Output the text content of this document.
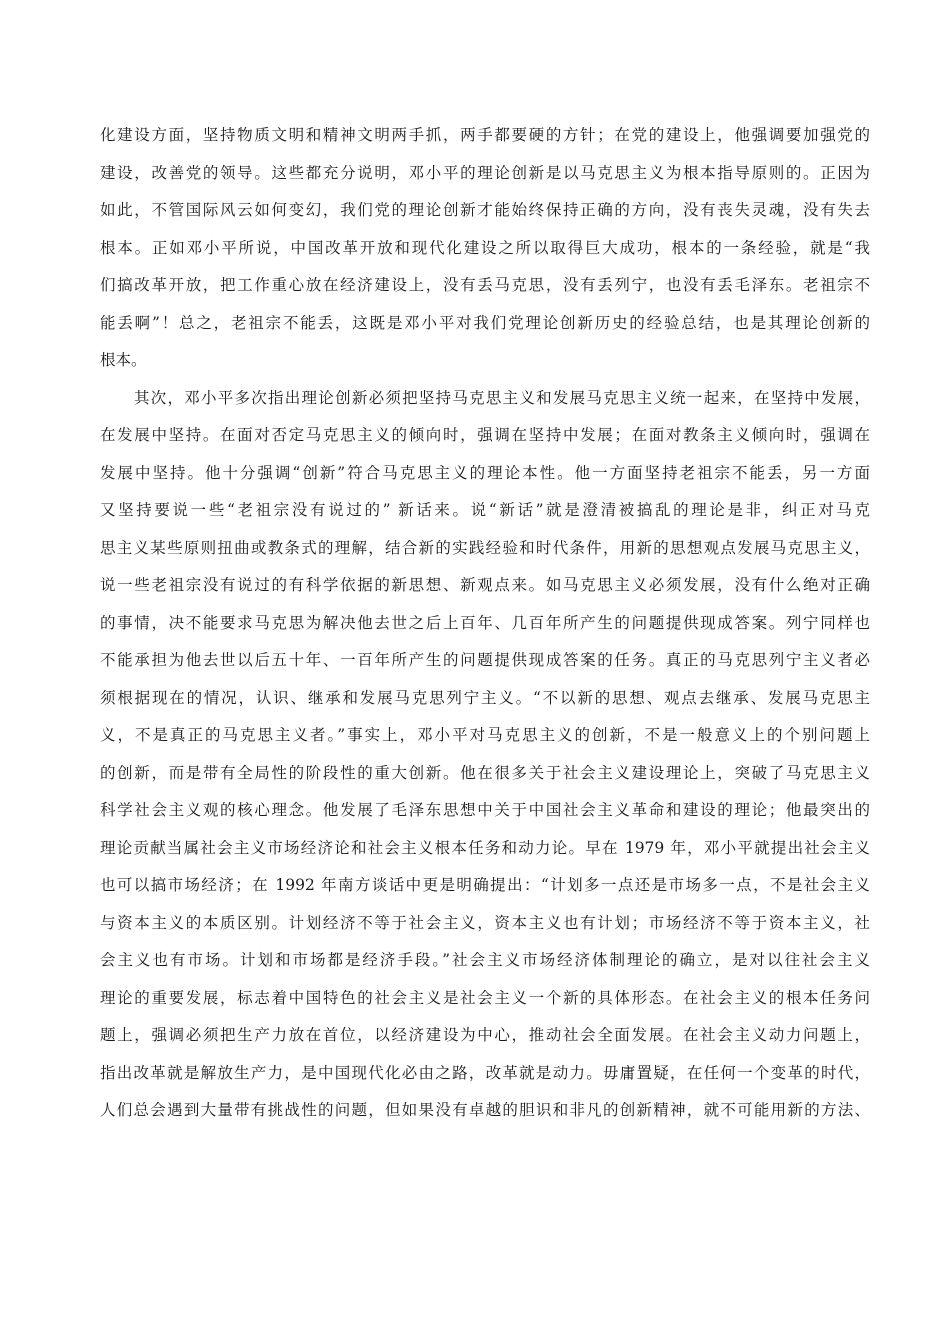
化建设方面，坚持物质文明和精神文明两手抓，两手都要硬的方针；在党的建设上，他强调要加强党的
建设，改善党的领导。这些都充分说明，邓小平的理论创新是以马克思主义为根本指导原则的。正因为
如此，不管国际风云如何变幻，我们党的理论创新才能始终保持正确的方向，没有丧失灵魂，没有失去
根本。正如邓小平所说，中国改革开放和现代化建设之所以取得巨大成功，根本的一条经验，就是“我
们搞改革开放，把工作重心放在经济建设上，没有丢马克思，没有丢列宁，也没有丢毛泽东。老祖宗不
能丢啊”！总之，老祖宗不能丢，这既是邓小平对我们党理论创新历史的经验总结，也是其理论创新的
根本。
其次，邓小平多次指出理论创新必须把坚持马克思主义和发展马克思主义统一起来，在坚持中发展，
在发展中坚持。在面对否定马克思主义的倾向时，强调在坚持中发展；在面对教条主义倾向时，强调在
发展中坚持。他十分强调“创新”符合马克思主义的理论本性。他一方面坚持老祖宗不能丢，另一方面
又坚持要说一些“老祖宗没有说过的” 新话来。说“新话”就是澄清被搞乱的理论是非，纠正对马克
思主义某些原则扭曲或教条式的理解，结合新的实践经验和时代条件，用新的思想观点发展马克思主义，
说一些老祖宗没有说过的有科学依据的新思想、新观点来。如马克思主义必须发展，没有什么绝对正确
的事情，决不能要求马克思为解决他去世之后上百年、几百年所产生的问题提供现成答案。列宁同样也
不能承担为他去世以后五十年、一百年所产生的问题提供现成答案的任务。真正的马克思列宁主义者必
须根据现在的情况，认识、继承和发展马克思列宁主义。“不以新的思想、观点去继承、发展马克思主
义，不是真正的马克思主义者。”事实上，邓小平对马克思主义的创新，不是一般意义上的个别问题上
的创新，而是带有全局性的阶段性的重大创新。他在很多关于社会主义建设理论上，突破了马克思主义
科学社会主义观的核心理念。他发展了毛泽东思想中关于中国社会主义革命和建设的理论；他最突出的
理论贡献当属社会主义市场经济论和社会主义根本任务和动力论。早在 1979 年，邓小平就提出社会主义
也可以搞市场经济；在 1992 年南方谈话中更是明确提出：“计划多一点还是市场多一点，不是社会主义
与资本主义的本质区别。计划经济不等于社会主义，资本主义也有计划；市场经济不等于资本主义，社
会主义也有市场。计划和市场都是经济手段。”社会主义市场经济体制理论的确立，是对以往社会主义
理论的重要发展，标志着中国特色的社会主义是社会主义一个新的具体形态。在社会主义的根本任务问
题上，强调必须把生产力放在首位，以经济建设为中心，推动社会全面发展。在社会主义动力问题上，
指出改革就是解放生产力，是中国现代化必由之路，改革就是动力。毋庸置疑，在任何一个变革的时代，
人们总会遇到大量带有挑战性的问题，但如果没有卓越的胆识和非凡的创新精神，就不可能用新的方法、
